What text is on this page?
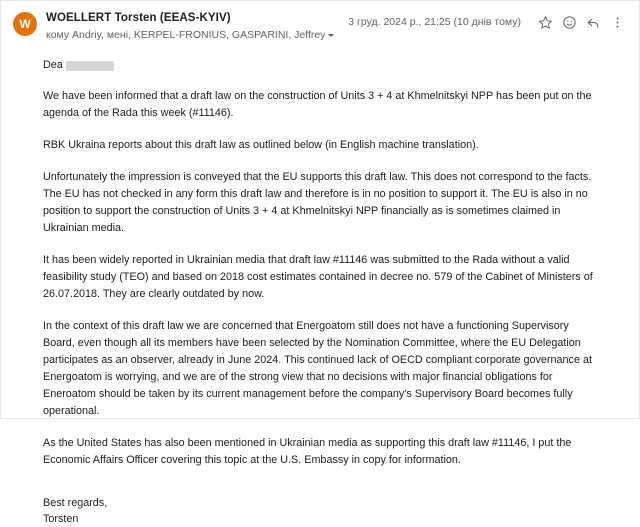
W	WOELLERT Torsten (EEAS-KYIV)
кому Andriy, мені, KERPEL-FRONIUS, GASPARINI, Jeffrey
3 груд. 2024 р., 21:25 (10 днів тому)
Dea

We have been informed that a draft law on the construction of Units 3 + 4 at Khmelnitskyi NPP has been put on the agenda of the Rada this week (#11146).

RBK Ukraina reports about this draft law as outlined below (in English machine translation).

Unfortunately the impression is conveyed that the EU supports this draft law. This does not correspond to the facts. The EU has not checked in any form this draft law and therefore is in no position to support it. The EU is also in no position to support the construction of Units 3 + 4 at Khmelnitskyi NPP financially as is sometimes claimed in Ukrainian media.

It has been widely reported in Ukrainian media that draft law #11146 was submitted to the Rada without a valid feasibility study (TEO) and based on 2018 cost estimates contained in decree no. 579 of the Cabinet of Ministers of 26.07.2018. They are clearly outdated by now.

In the context of this draft law we are concerned that Energoatom still does not have a functioning Supervisory Board, even though all its members have been selected by the Nomination Committee, where the EU Delegation participates as an observer, already in June 2024. This continued lack of OECD compliant corporate governance at Energoatom is worrying, and we are of the strong view that no decisions with major financial obligations for Eneroatom should be taken by its current management before the company's Supervisory Board becomes fully operational.

As the United States has also been mentioned in Ukrainian media as supporting this draft law #11146, I put the Economic Affairs Officer covering this topic at the U.S. Embassy in copy for information.

Best regards,
Torsten
